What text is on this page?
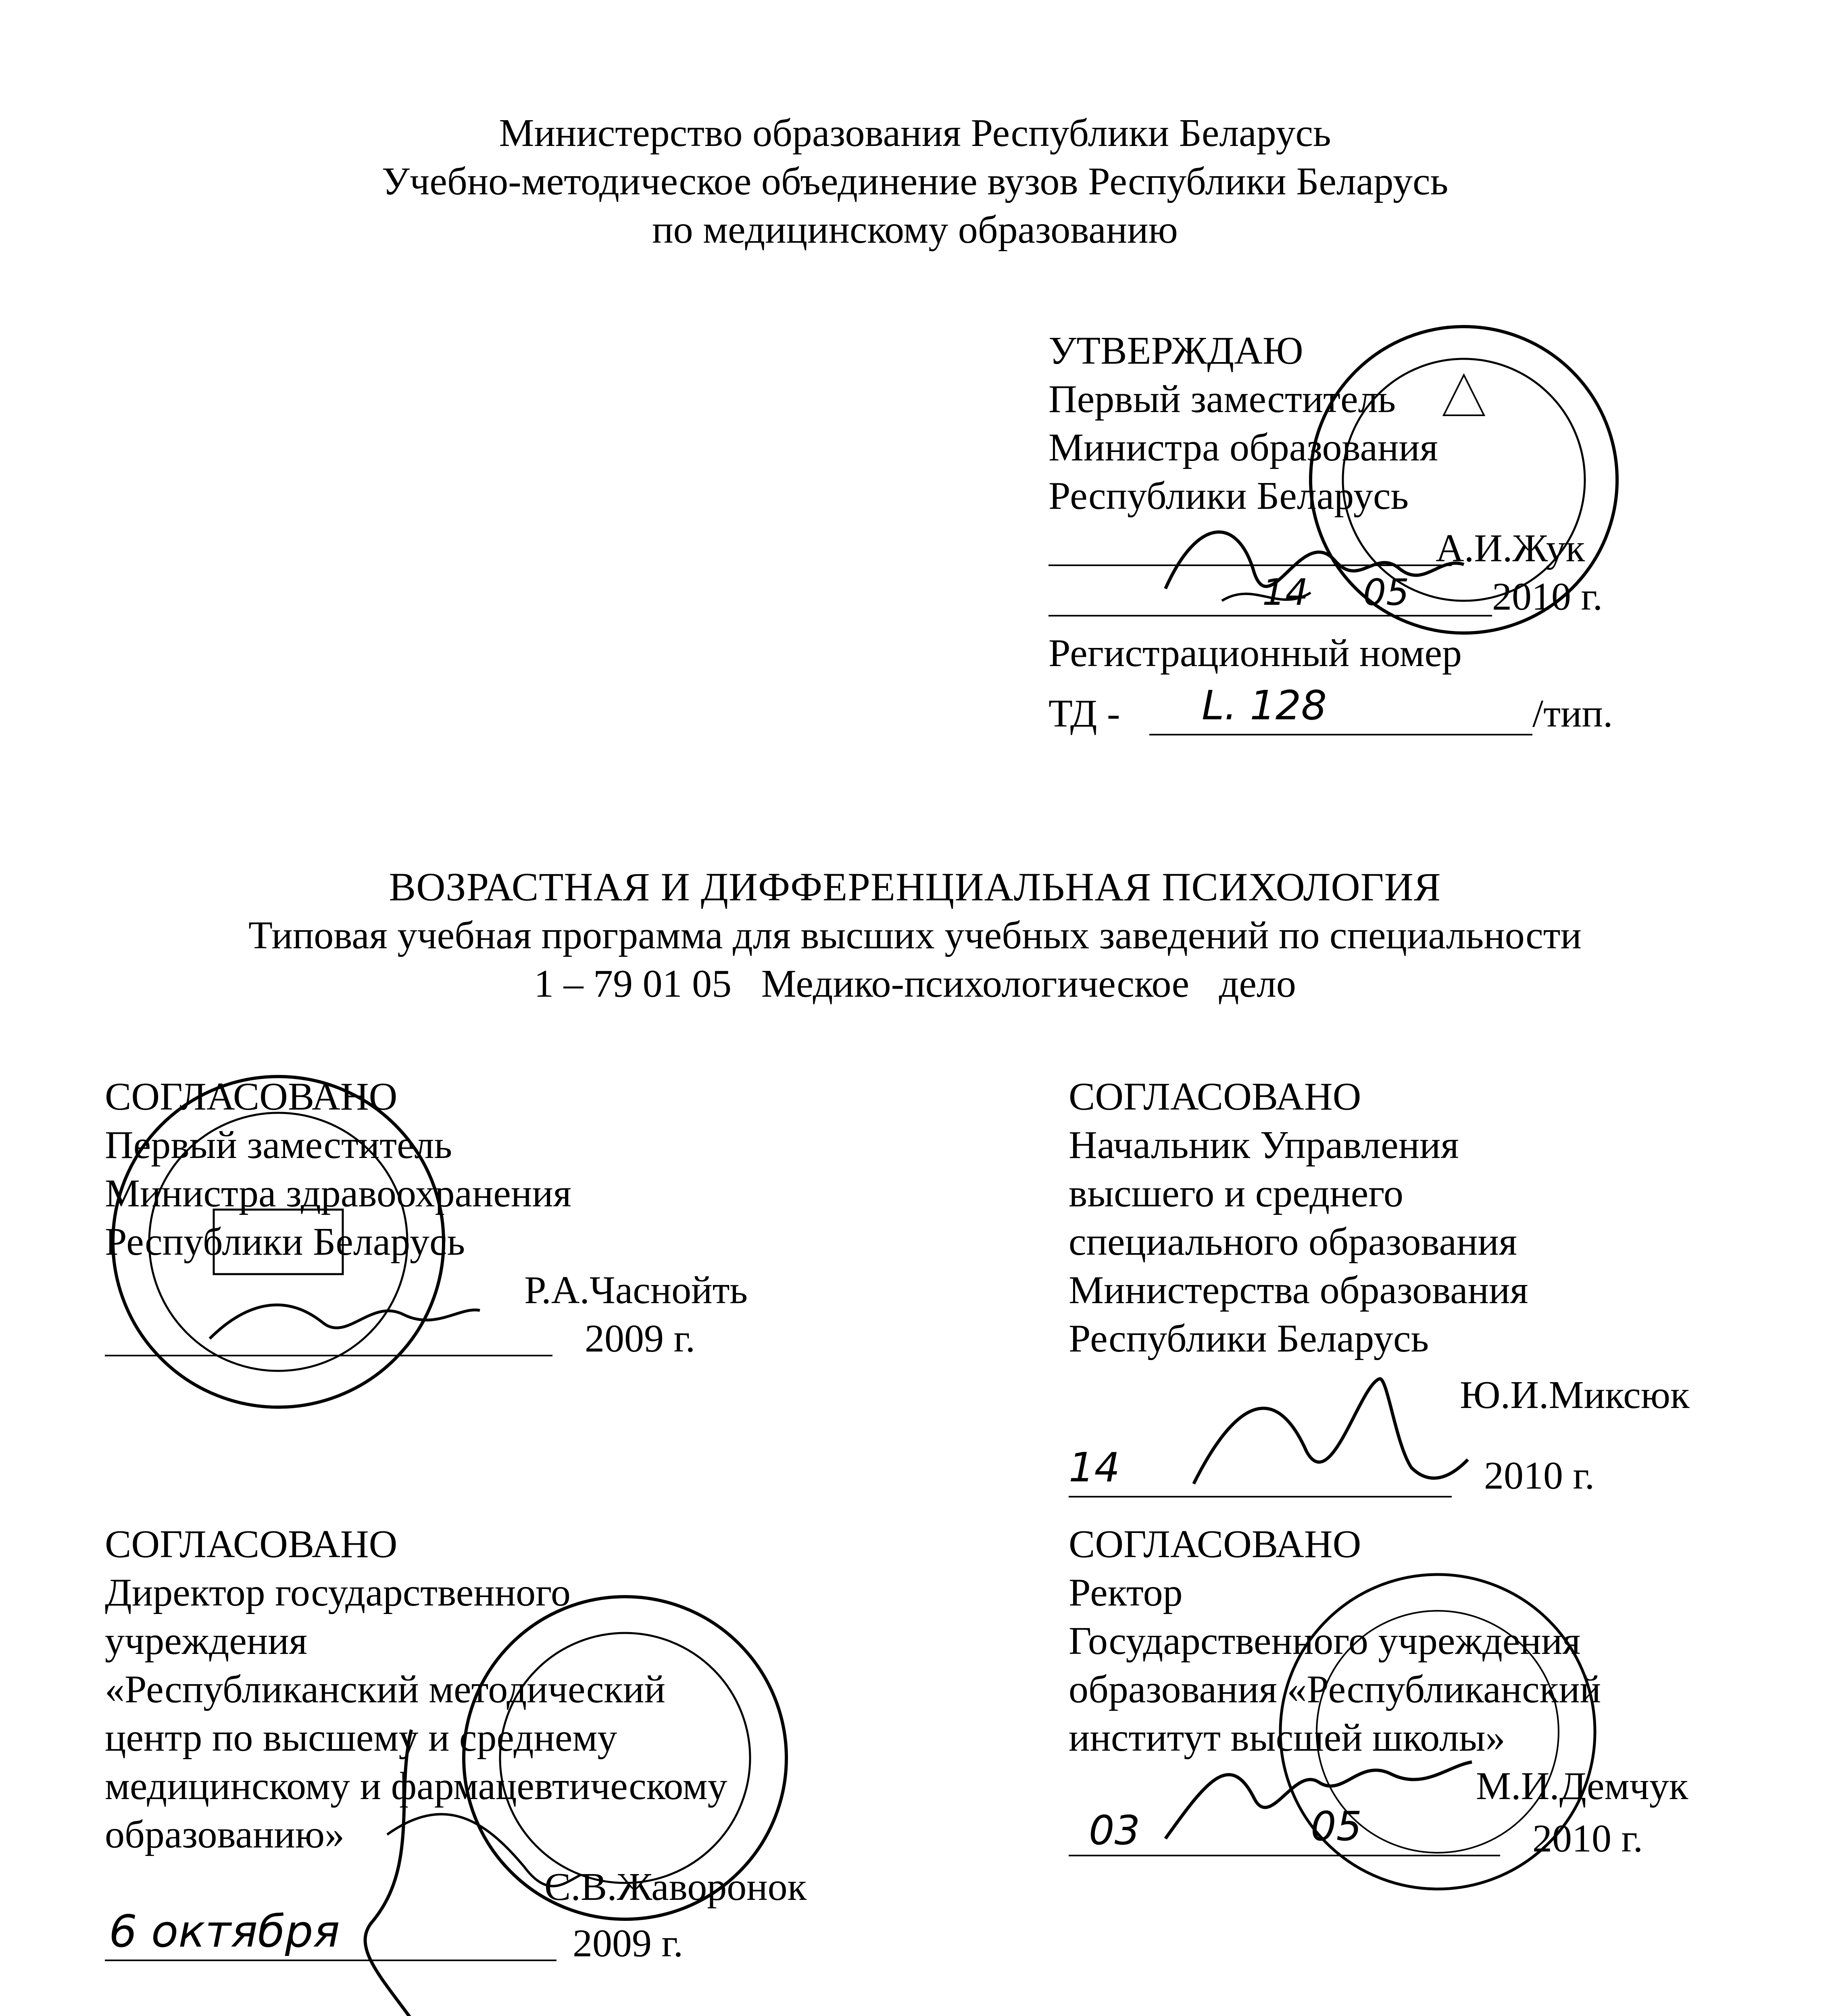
Министерство образования Республики Беларусь
Учебно-методическое объединение вузов Республики Беларусь
по медицинскому образованию
УТВЕРЖДАЮ
Первый заместитель
Министра образования
Республики Беларусь
А.И.Жук
14 05 2010 г.
Регистрационный номер
ТД - L. 128	/тип.
ВОЗРАСТНАЯ И ДИФФЕРЕНЦИАЛЬНАЯ ПСИХОЛОГИЯ
Типовая учебная программа для высших учебных заведений по специальности
1 – 79 01 05   Медико-психологическое   дело
СОГЛАСОВАНО
Первый заместитель
Министра здравоохранения
Республики Беларусь
Р.А.Часнойть
2009 г.
СОГЛАСОВАНО
Начальник Управления
высшего и среднего
специального образования
Министерства образования
Республики Беларусь
Ю.И.Миксюк
14	2010 г.
СОГЛАСОВАНО
Директор государственного
учреждения
«Республиканский методический
центр по высшему и среднему
медицинскому и фармацевтическому
образованию»
С.В.Жаворонок
6 октября	2009 г.
СОГЛАСОВАНО
Ректор
Государственного учреждения
образования «Республиканский
институт высшей школы»
М.И.Демчук
03	05	2010 г.
